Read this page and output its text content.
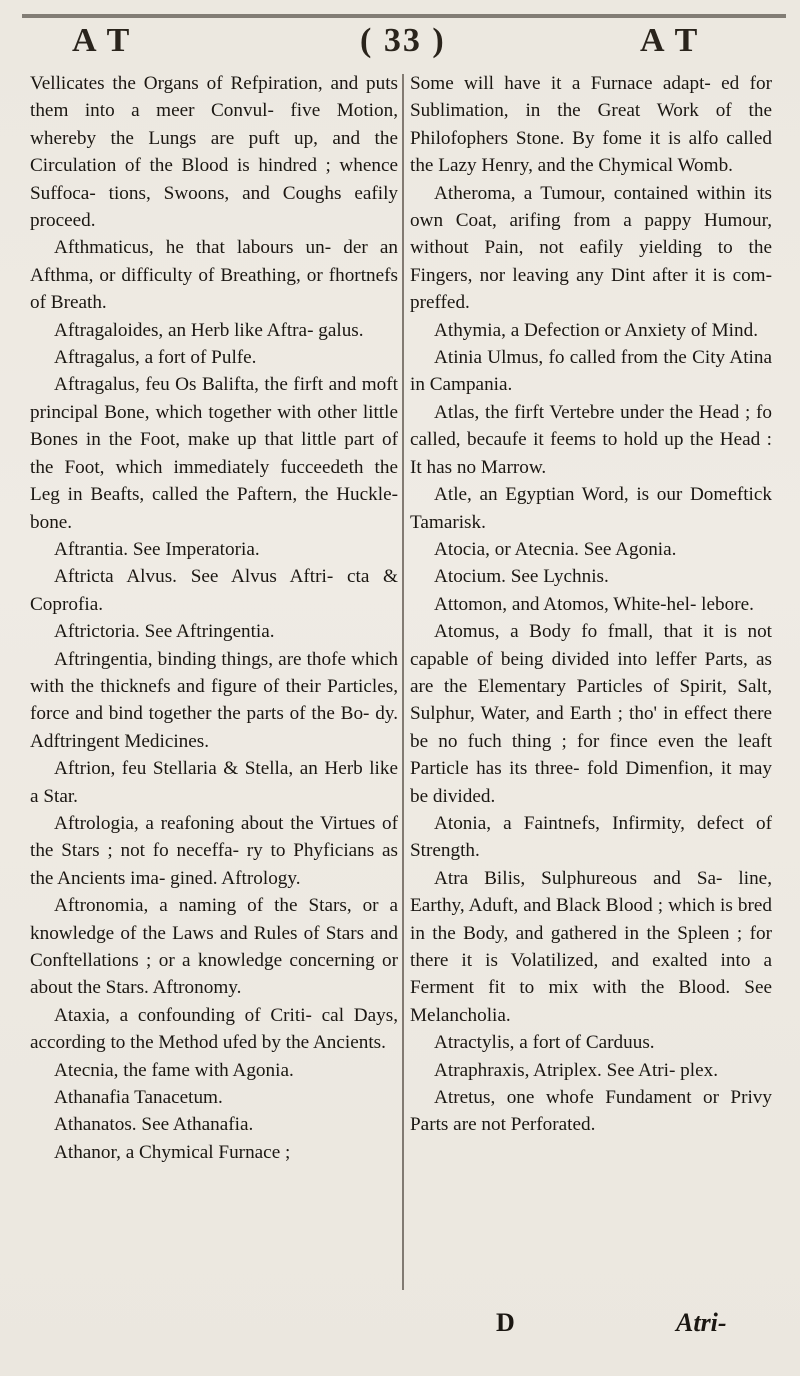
A T	( 33 )	A T

Vellicates the Organs of Refpiration, and puts them into a meer Convul- five Motion, whereby the Lungs are puft up, and the Circulation of the Blood is hindred ; whence Suffoca- tions, Swoons, and Coughs eafily proceed.

Afthmaticus, he that labours un- der an Afthma, or difficulty of Breathing, or fhortnefs of Breath.

Aftragaloides, an Herb like Aftra- galus.

Aftragalus, a fort of Pulfe.

Aftragalus, feu Os Balifta, the firft and moft principal Bone, which together with other little Bones in the Foot, make up that little part of the Foot, which immediately fucceedeth the Leg in Beafts, called the Paftern, the Huckle-bone.

Aftrantia. See Imperatoria.

Aftricta Alvus. See Alvus Aftri- cta & Coprofia.

Aftrictoria. See Aftringentia.

Aftringentia, binding things, are thofe which with the thicknefs and figure of their Particles, force and bind together the parts of the Bo- dy. Adftringent Medicines.

Aftrion, feu Stellaria & Stella, an Herb like a Star.

Aftrologia, a reafoning about the Virtues of the Stars ; not fo neceffa- ry to Phyficians as the Ancients ima- gined. Aftrology.

Aftronomia, a naming of the Stars, or a knowledge of the Laws and Rules of Stars and Conftellations ; or a knowledge concerning or about the Stars. Aftronomy.

Ataxia, a confounding of Criti- cal Days, according to the Method ufed by the Ancients.

Atecnia, the fame with Agonia.

Athanafia Tanacetum.

Athanatos. See Athanafia.

Athanor, a Chymical Furnace ;

Some will have it a Furnace adapt- ed for Sublimation, in the Great Work of the Philofophers Stone. By fome it is alfo called the Lazy Henry, and the Chymical Womb.

Atheroma, a Tumour, contained within its own Coat, arifing from a pappy Humour, without Pain, not eafily yielding to the Fingers, nor leaving any Dint after it is com- preffed.

Athymia, a Defection or Anxiety of Mind.

Atinia Ulmus, fo called from the City Atina in Campania.

Atlas, the firft Vertebre under the Head ; fo called, becaufe it feems to hold up the Head : It has no Marrow.

Atle, an Egyptian Word, is our Domeftick Tamarisk.

Atocia, or Atecnia. See Agonia.

Atocium. See Lychnis.

Attomon, and Atomos, White-hel- lebore.

Atomus, a Body fo fmall, that it is not capable of being divided into leffer Parts, as are the Elementary Particles of Spirit, Salt, Sulphur, Water, and Earth ; tho' in effect there be no fuch thing ; for fince even the leaft Particle has its three- fold Dimenfion, it may be divided.

Atonia, a Faintnefs, Infirmity, defect of Strength.

Atra Bilis, Sulphureous and Sa- line, Earthy, Aduft, and Black Blood ; which is bred in the Body, and gathered in the Spleen ; for there it is Volatilized, and exalted into a Ferment fit to mix with the Blood. See Melancholia.

Atractylis, a fort of Carduus.

Atraphraxis, Atriplex. See Atri- plex.

Atretus, one whofe Fundament or Privy Parts are not Perforated.

D	Atri-
